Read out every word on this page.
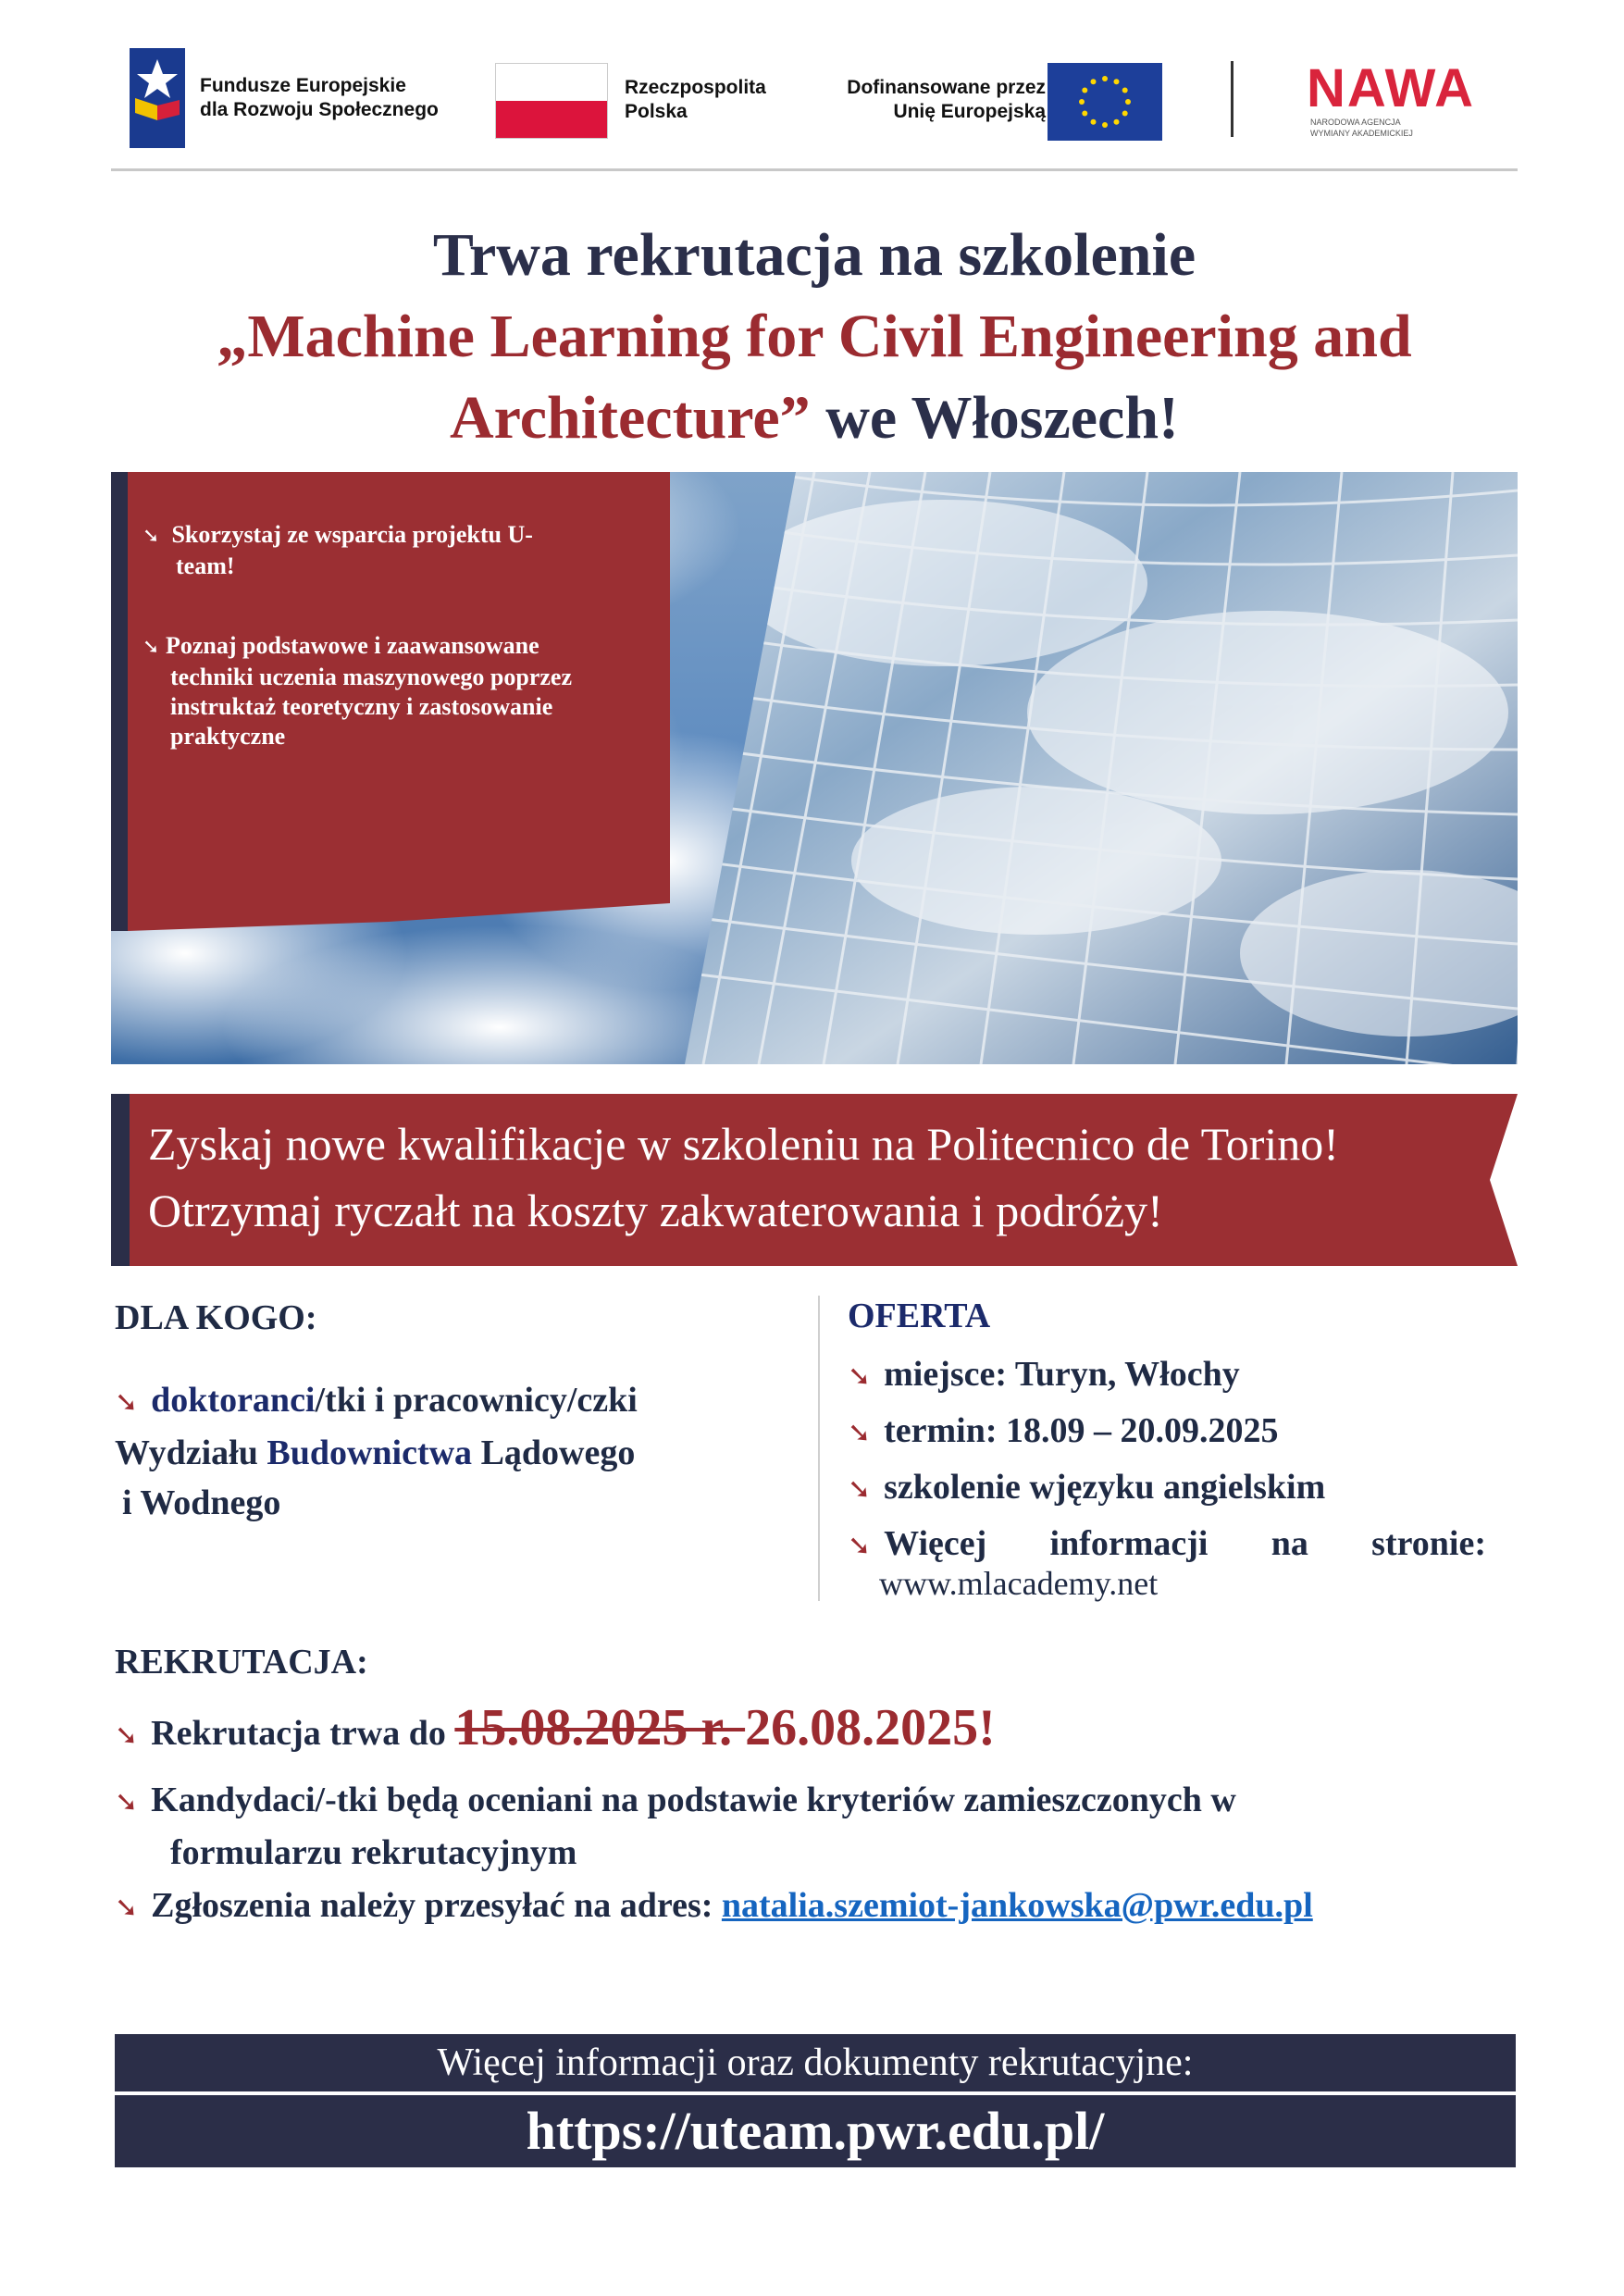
Fundusze Europejskie
dla Rozwoju Społecznego
Rzeczpospolita
Polska
Dofinansowane przez
Unię Europejską	NAWA
NARODOWA AGENCJA
WYMIANY AKADEMICKIEJ
Trwa rekrutacja na szkolenie
„Machine Learning for Civil Engineering and
Architecture” we Włoszech!
➘ Skorzystaj ze wsparcia projektu U-
team!
➘ Poznaj podstawowe i zaawansowane
techniki uczenia maszynowego poprzez
instruktaż teoretyczny i zastosowanie
praktyczne
Zyskaj nowe kwalifikacje w szkoleniu na Politecnico de Torino!
Otrzymaj ryczałt na koszty zakwaterowania i podróży!
DLA KOGO:
➘ doktoranci/tki i pracownicy/czki
Wydziału Budownictwa Lądowego
i Wodnego
OFERTA
➘ miejsce: Turyn, Włochy
➘ termin: 18.09 – 20.09.2025
➘ szkolenie wjęzyku angielskim
➘ Więcej informacji na stronie:
www.mlacademy.net
REKRUTACJA:
➘ Rekrutacja trwa do 15.08.2025 r. 26.08.2025!
➘ Kandydaci/-tki będą oceniani na podstawie kryteriów zamieszczonych w
formularzu rekrutacyjnym
➘ Zgłoszenia należy przesyłać na adres: natalia.szemiot-jankowska@pwr.edu.pl
Więcej informacji oraz dokumenty rekrutacyjne:
https://uteam.pwr.edu.pl/
